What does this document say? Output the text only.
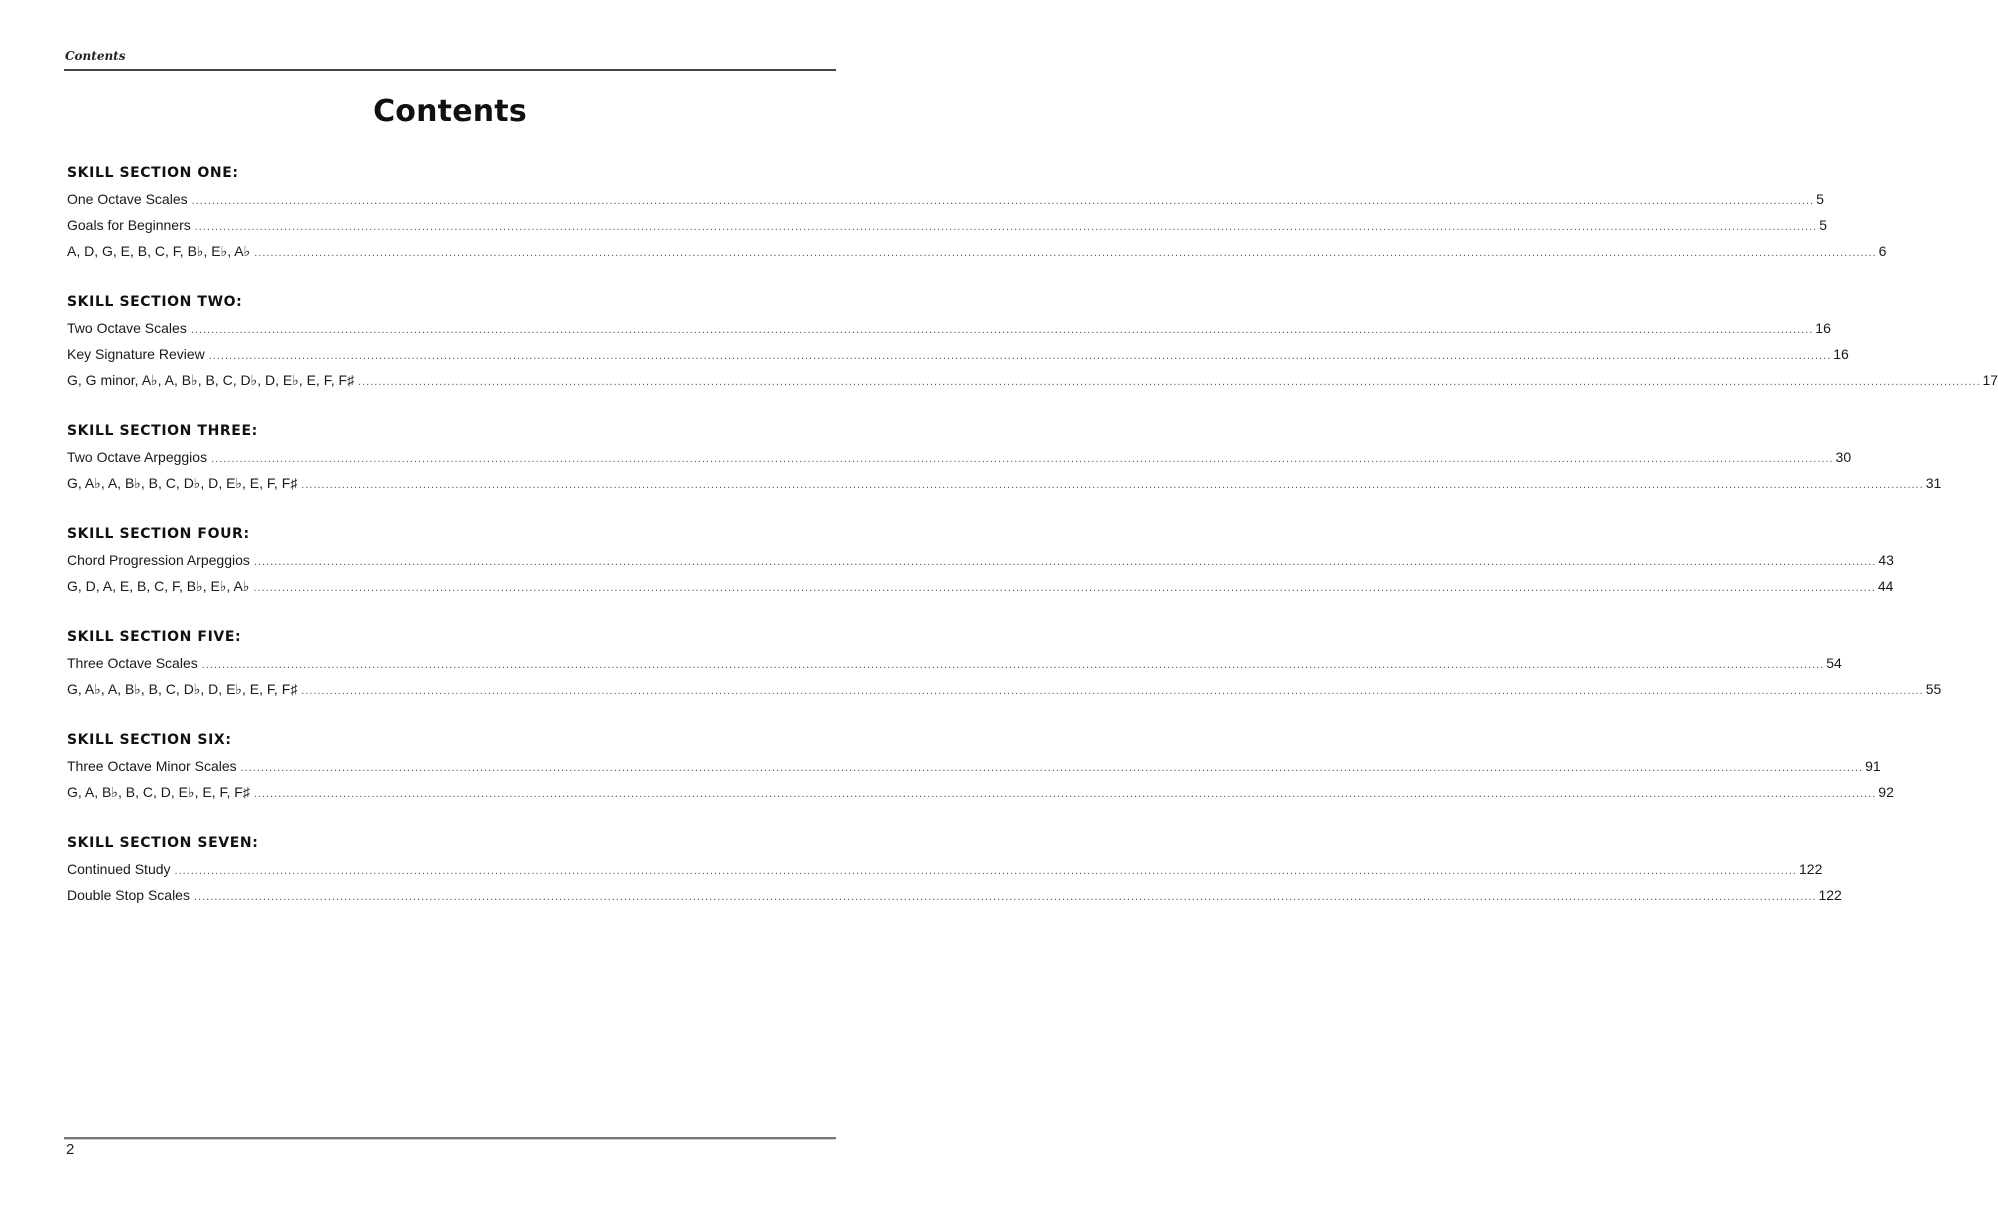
Contents
Contents
SKILL SECTION ONE:
One Octave Scales ................................................................................................................................................................................................................................................................................................................................................................................................................ 5
Goals for Beginners ................................................................................................................................................................................................................................................................................................................................................................................................................ 5
A, D, G, E, B, C, F, B♭, E♭, A♭ ................................................................................................................................................................................................................................................................................................................................................................................................................ 6
SKILL SECTION TWO:
Two Octave Scales ................................................................................................................................................................................................................................................................................................................................................................................................................ 16
Key Signature Review ................................................................................................................................................................................................................................................................................................................................................................................................................ 16
G, G minor, A♭, A, B♭, B, C, D♭, D, E♭, E, F, F♯ ................................................................................................................................................................................................................................................................................................................................................................................................................ 17
SKILL SECTION THREE:
Two Octave Arpeggios ................................................................................................................................................................................................................................................................................................................................................................................................................ 30
G, A♭, A, B♭, B, C, D♭, D, E♭, E, F, F♯ ................................................................................................................................................................................................................................................................................................................................................................................................................ 31
SKILL SECTION FOUR:
Chord Progression Arpeggios ................................................................................................................................................................................................................................................................................................................................................................................................................ 43
G, D, A, E, B, C, F, B♭, E♭, A♭ ................................................................................................................................................................................................................................................................................................................................................................................................................ 44
SKILL SECTION FIVE:
Three Octave Scales ................................................................................................................................................................................................................................................................................................................................................................................................................ 54
G, A♭, A, B♭, B, C, D♭, D, E♭, E, F, F♯ ................................................................................................................................................................................................................................................................................................................................................................................................................ 55
SKILL SECTION SIX:
Three Octave Minor Scales ................................................................................................................................................................................................................................................................................................................................................................................................................ 91
G, A, B♭, B, C, D, E♭, E, F, F♯ ................................................................................................................................................................................................................................................................................................................................................................................................................ 92
SKILL SECTION SEVEN:
Continued Study ................................................................................................................................................................................................................................................................................................................................................................................................................ 122
Double Stop Scales ................................................................................................................................................................................................................................................................................................................................................................................................................ 122
2
